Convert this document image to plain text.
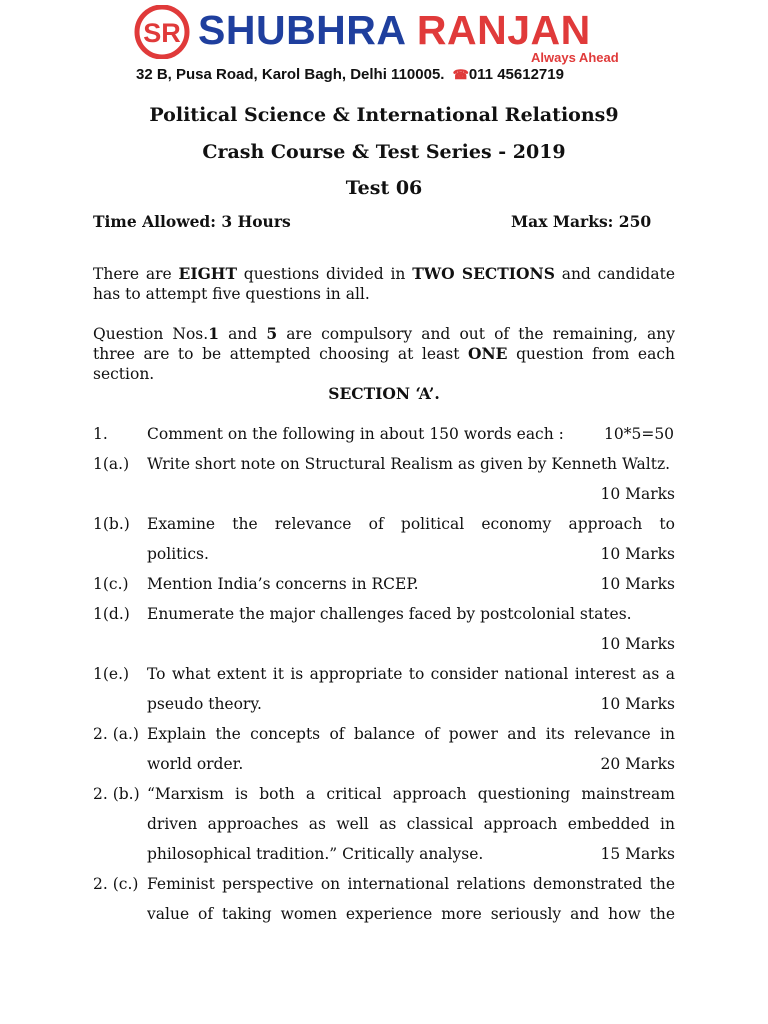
SR SHUBHRA RANJAN
Always Ahead
32 B, Pusa Road, Karol Bagh, Delhi 110005. ☎011 45612719
Political Science & International Relations9
Crash Course & Test Series - 2019
Test 06
Time Allowed: 3 Hours	Max Marks: 250
There are EIGHT questions divided in TWO SECTIONS and candidate has to attempt five questions in all.
Question Nos.1 and 5 are compulsory and out of the remaining, any three are to be attempted choosing at least ONE question from each section.
SECTION ‘A’.
1.	Comment on the following in about 150 words each :	10*5=50
1(a.) Write short note on Structural Realism as given by Kenneth Waltz.
10 Marks
1(b.) Examine the relevance of political economy approach to
politics.	10 Marks
1(c.) Mention India’s concerns in RCEP.	10 Marks
1(d.) Enumerate the major challenges faced by postcolonial states.
10 Marks
1(e.) To what extent it is appropriate to consider national interest as a
pseudo theory.	10 Marks
2. (a.) Explain the concepts of balance of power and its relevance in
world order.	20 Marks
2. (b.) “Marxism is both a critical approach questioning mainstream
driven approaches as well as classical approach embedded in
philosophical tradition.” Critically analyse.	15 Marks
2. (c.) Feminist perspective on international relations demonstrated the
value of taking women experience more seriously and how the
